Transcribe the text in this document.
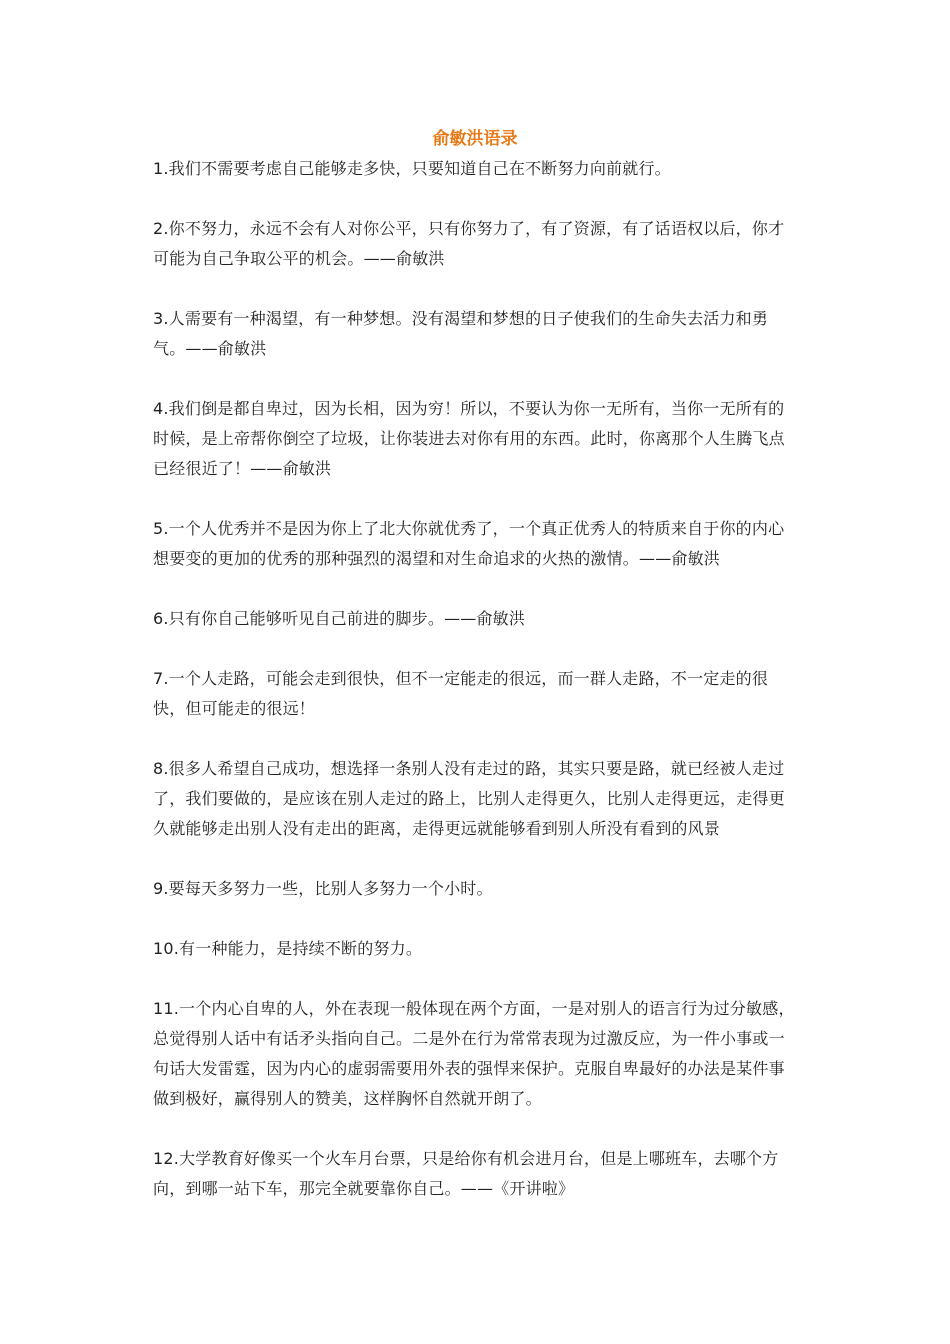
俞敏洪语录
1.我们不需要考虑自己能够走多快，只要知道自己在不断努力向前就行。
2.你不努力，永远不会有人对你公平，只有你努力了，有了资源，有了话语权以后，你才可能为自己争取公平的机会。——俞敏洪
3.人需要有一种渴望，有一种梦想。没有渴望和梦想的日子使我们的生命失去活力和勇气。——俞敏洪
4.我们倒是都自卑过，因为长相，因为穷！所以，不要认为你一无所有，当你一无所有的时候，是上帝帮你倒空了垃圾，让你装进去对你有用的东西。此时，你离那个人生腾飞点已经很近了！——俞敏洪
5.一个人优秀并不是因为你上了北大你就优秀了，一个真正优秀人的特质来自于你的内心想要变的更加的优秀的那种强烈的渴望和对生命追求的火热的激情。——俞敏洪
6.只有你自己能够听见自己前进的脚步。——俞敏洪
7.一个人走路，可能会走到很快，但不一定能走的很远，而一群人走路，不一定走的很快，但可能走的很远！
8.很多人希望自己成功，想选择一条别人没有走过的路，其实只要是路，就已经被人走过了，我们要做的，是应该在别人走过的路上，比别人走得更久，比别人走得更远，走得更久就能够走出别人没有走出的距离，走得更远就能够看到别人所没有看到的风景
9.要每天多努力一些，比别人多努力一个小时。
10.有一种能力，是持续不断的努力。
11.一个内心自卑的人，外在表现一般体现在两个方面，一是对别人的语言行为过分敏感，总觉得别人话中有话矛头指向自己。二是外在行为常常表现为过激反应，为一件小事或一句话大发雷霆，因为内心的虚弱需要用外表的强悍来保护。克服自卑最好的办法是某件事做到极好，赢得别人的赞美，这样胸怀自然就开朗了。
12.大学教育好像买一个火车月台票，只是给你有机会进月台，但是上哪班车，去哪个方向，到哪一站下车，那完全就要靠你自己。——《开讲啦》
